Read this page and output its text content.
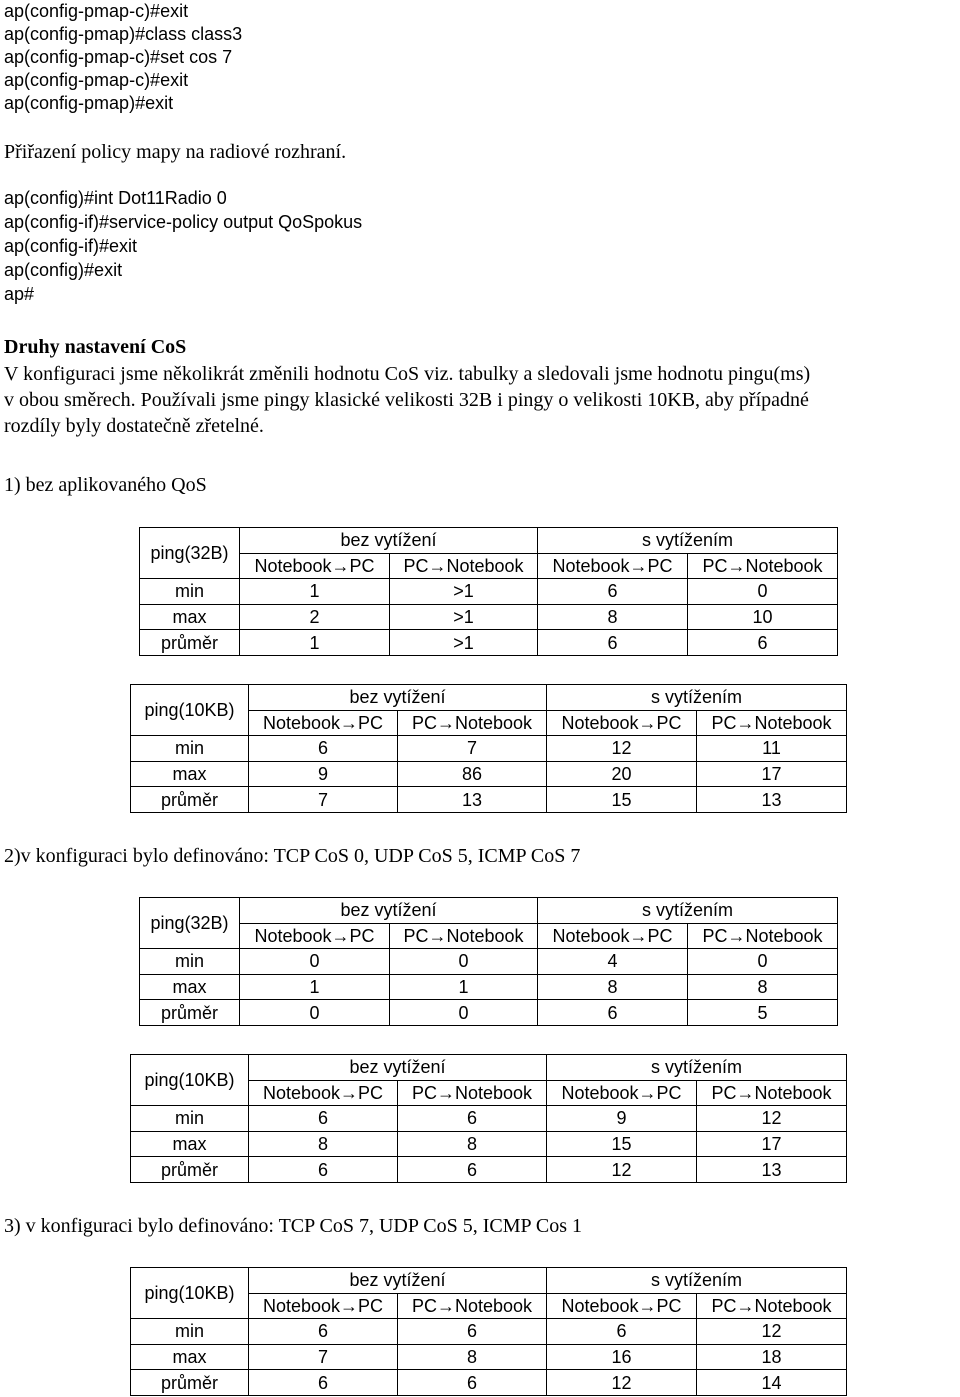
ap(config-pmap-c)#exit

ap(config-pmap)#class class3

ap(config-pmap-c)#set cos 7

ap(config-pmap-c)#exit

ap(config-pmap)#exit

Přiřazení policy mapy na radiové rozhraní.

ap(config)#int Dot11Radio 0

ap(config-if)#service-policy output QoSpokus

ap(config-if)#exit

ap(config)#exit

ap#

Druhy nastavení CoS

V konfiguraci jsme několikrát změnili hodnotu CoS viz. tabulky a sledovali jsme hodnotu pingu(ms)
v obou směrech. Používali jsme pingy klasické velikosti 32B i pingy o velikosti 10KB, aby případné
rozdíly byly dostatečně zřetelné.

1) bez aplikovaného QoS

ping(32B)	bez vytížení		s vytížením	
	Notebook→PC	PC→Notebook	Notebook→PC	PC→Notebook
min	1	>1	6	0
max	2	>1	8	10
průměr	1	>1	6	6
ping(10KB)	bez vytížení		s vytížením	
	Notebook→PC	PC→Notebook	Notebook→PC	PC→Notebook
min	6	7	12	11
max	9	86	20	17
průměr	7	13	15	13

2)v konfiguraci bylo definováno: TCP CoS 0, UDP CoS 5, ICMP CoS 7

ping(32B)	bez vytížení		s vytížením	
	Notebook→PC	PC→Notebook	Notebook→PC	PC→Notebook
min	0	0	4	0
max	1	1	8	8
průměr	0	0	6	5
ping(10KB)	bez vytížení		s vytížením	
	Notebook→PC	PC→Notebook	Notebook→PC	PC→Notebook
min	6	6	9	12
max	8	8	15	17
průměr	6	6	12	13

3) v konfiguraci bylo definováno: TCP CoS 7, UDP CoS 5, ICMP Cos 1

ping(10KB)	bez vytížení		s vytížením	
	Notebook→PC	PC→Notebook	Notebook→PC	PC→Notebook
min	6	6	6	12
max	7	8	16	18
průměr	6	6	12	14
